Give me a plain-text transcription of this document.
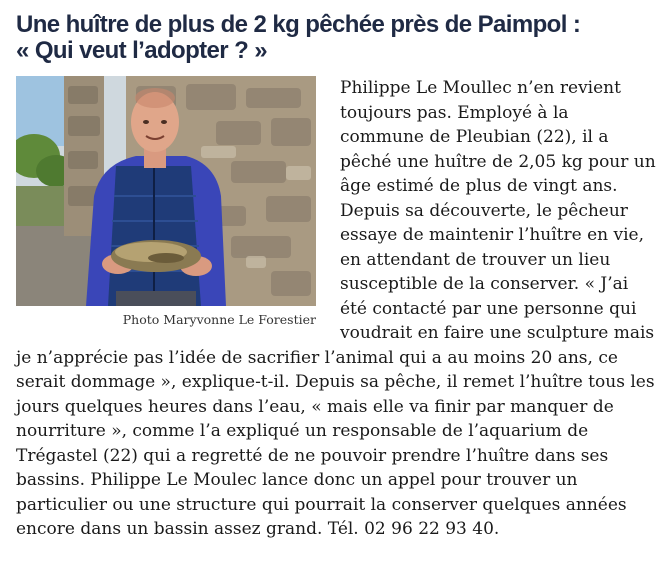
Une huître de plus de 2 kg pêchée près de Paimpol :
« Qui veut l’adopter ? »
Photo Maryvonne Le Forestier

Philippe Le Moullec n’en revient toujours pas. Employé à la commune de Pleubian (22), il a pêché une huître de 2,05 kg pour un âge estimé de plus de vingt ans. Depuis sa découverte, le pêcheur essaye de maintenir l’huître en vie, en attendant de trouver un lieu susceptible de la conserver. « J’ai été contacté par une personne qui voudrait en faire une sculpture mais je n’apprécie pas l’idée de sacrifier l’animal qui a au moins 20 ans, ce serait dommage », explique-t-il. Depuis sa pêche, il remet l’huître tous les jours quelques heures dans l’eau, « mais elle va finir par manquer de nourriture », comme l’a expliqué un responsable de l’aquarium de Trégastel (22) qui a regretté de ne pouvoir prendre l’huître dans ses bassins. Philippe Le Moulec lance donc un appel pour trouver un particulier ou une structure qui pourrait la conserver quelques années encore dans un bassin assez grand. Tél. 02 96 22 93 40.
